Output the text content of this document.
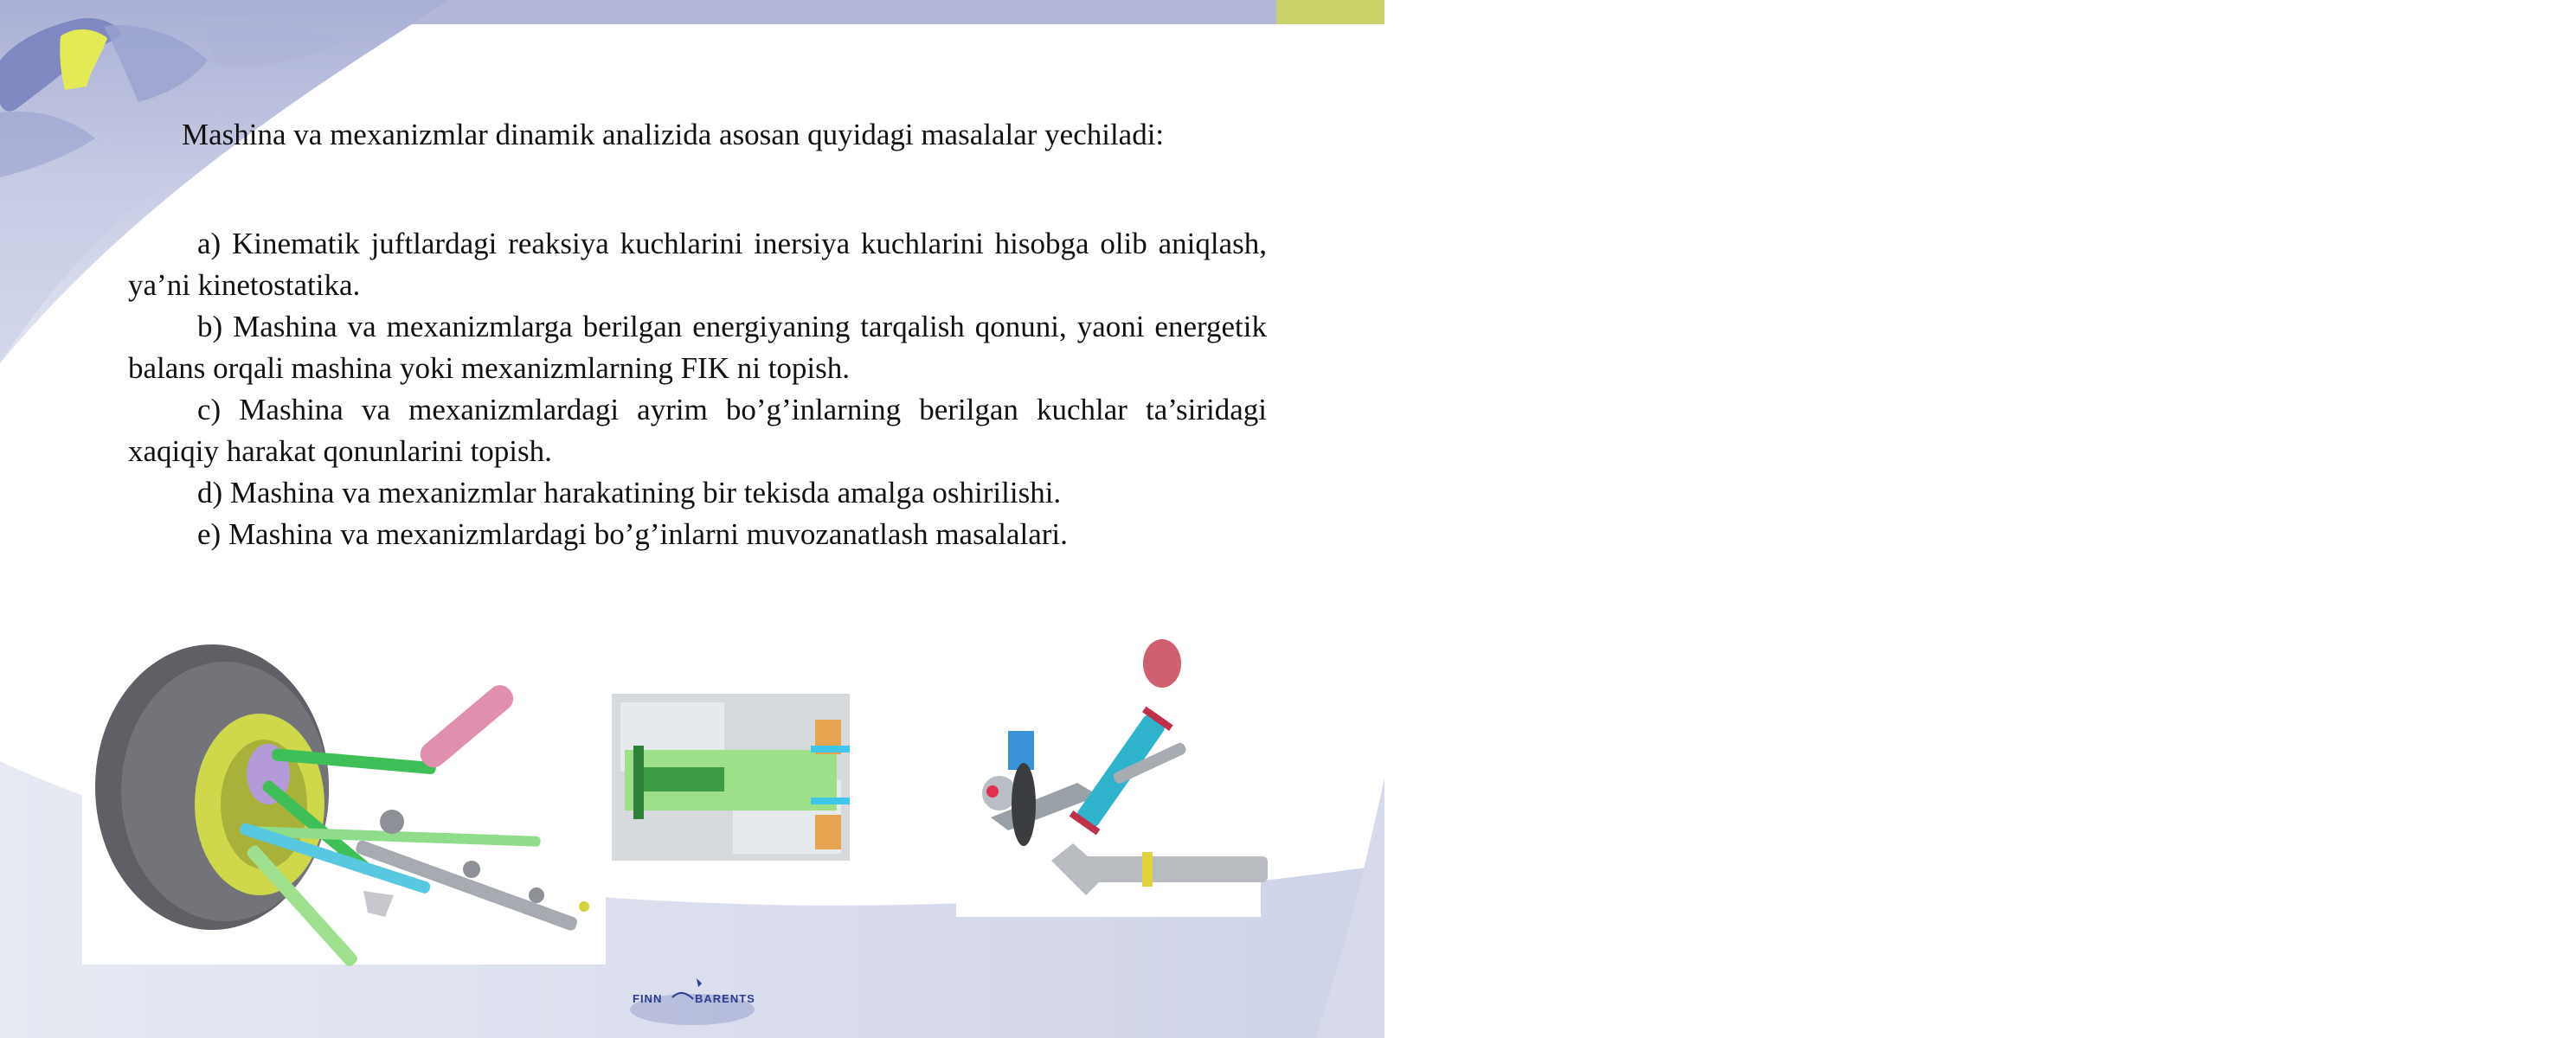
4
Mashina va mexanizmlar dinamik analizida asosan quyidagi masalalar yechiladi:

a) Kinematik juftlardagi reaksiya kuchlarini inersiya kuchlarini hisobga olib aniqlash, ya’ni kinetostatika.

b) Mashina va mexanizmlarga berilgan energiyaning tarqalish qonuni, yaoni energetik balans orqali mashina yoki mexanizmlarning FIK ni topish.

c) Mashina va mexanizmlardagi ayrim bo’g’inlarning berilgan kuchlar ta’siridagi xaqiqiy harakat qonunlarini topish.

d) Mashina va mexanizmlar harakatining bir tekisda amalga oshirilishi.

e) Mashina va mexanizmlardagi bo’g’inlarni muvozanatlash masalalari.

FINN	BARENTS
